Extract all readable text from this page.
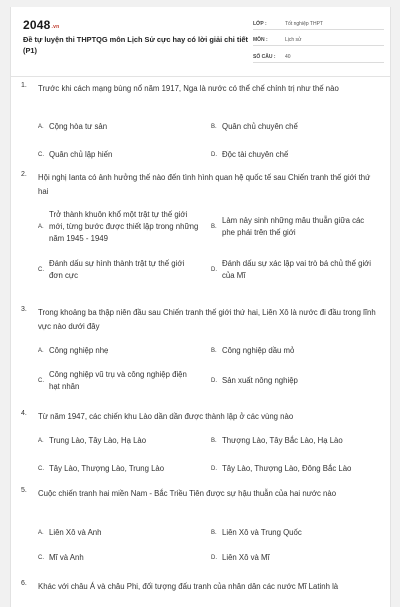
2048.vn
Đề tự luyện thi THPTQG môn Lịch Sử cực hay có lời giải chi tiết (P1)
LỚP :	Tốt nghiệp THPT
MÔN :	Lịch sử
SỐ CÂU :	40
1. Trước khi cách mạng bùng nổ năm 1917, Nga là nước có thể chế chính trị như thế nào
A. Cộng hòa tư sản	B. Quân chủ chuyên chế
C. Quân chủ lập hiến	D. Độc tài chuyên chế
2. Hội nghị Ianta có ảnh hưởng thế nào đến tình hình quan hệ quốc tế sau Chiến tranh thế giới thứ hai
A.
Trở thành khuôn khổ một trật tự thế giới mới, từng bước được thiết lập trong những năm 1945 - 1949
B.
Làm nảy sinh những mâu thuẫn giữa các phe phái trên thế giới
C.
Đánh dấu sự hình thành trật tự thế giới đơn cực
D.
Đánh dấu sự xác lập vai trò bá chủ thế giới của Mĩ
3. Trong khoảng ba thập niên đầu sau Chiến tranh thế giới thứ hai, Liên Xô là nước đi đầu trong lĩnh vực nào dưới đây
A. Công nghiệp nhẹ	B. Công nghiệp dầu mỏ
C.
Công nghiệp vũ trụ và công nghiệp điện hạt nhân
D. Sản xuất nông nghiệp
4. Từ năm 1947, các chiến khu Lào dần dần được thành lập ở các vùng nào
A. Trung Lào, Tây Lào, Hạ Lào	B. Thượng Lào, Tây Bắc Lào, Hạ Lào
C. Tây Lào, Thượng Lào, Trung Lào	D. Tây Lào, Thượng Lào, Đông Bắc Lào
5. Cuộc chiến tranh hai miền Nam - Bắc Triều Tiên được sự hậu thuẫn của hai nước nào
A. Liên Xô và Anh	B. Liên Xô và Trung Quốc
C. Mĩ và Anh	D. Liên Xô và Mĩ
6. Khác với châu Á và châu Phi, đối tượng đấu tranh của nhân dân các nước Mĩ Latinh là
